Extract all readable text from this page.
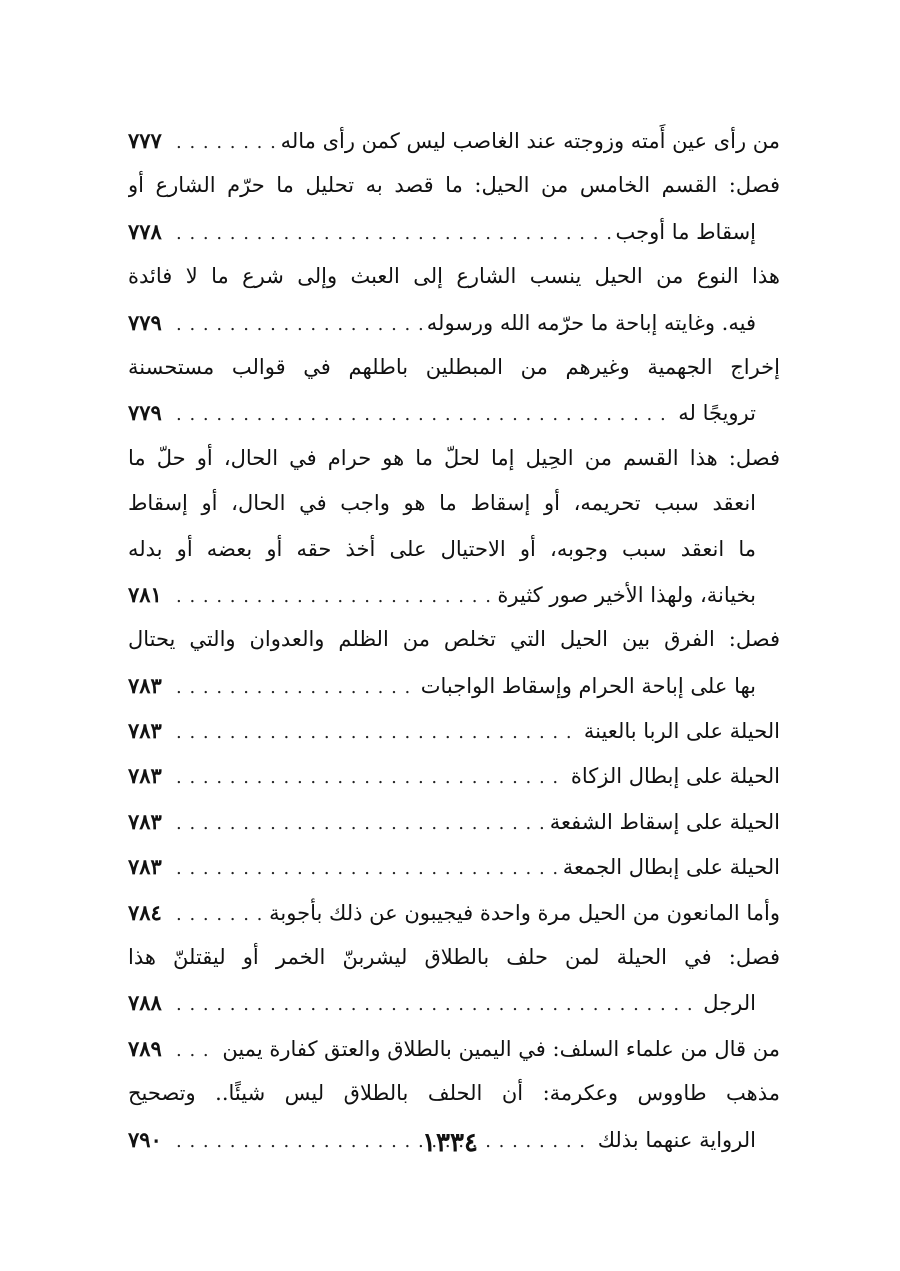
من رأى عين أَمته وزوجته عند الغاصب ليس كمن رأى ماله
. . .
٧٧٧
فصل: القسم الخامس من الحيل: ما قصد به تحليل ما حرّم الشارع أو
إسقاط ما أوجب
. . .
٧٧٨
هذا النوع من الحيل ينسب الشارع إلى العبث وإلى شرع ما لا فائدة
فيه. وغايته إباحة ما حرّمه الله ورسوله
. . .
٧٧٩
إخراج الجهمية وغيرهم من المبطلين باطلهم في قوالب مستحسنة
ترويجًا له
. . .
٧٧٩
فصل: هذا القسم من الحِيل إما لحلّ ما هو حرام في الحال، أو حلّ ما
انعقد سبب تحريمه، أو إسقاط ما هو واجب في الحال، أو إسقاط
ما انعقد سبب وجوبه، أو الاحتيال على أخذ حقه أو بعضه أو بدله
بخيانة، ولهذا الأخير صور كثيرة
. . .
٧٨١
فصل: الفرق بين الحيل التي تخلص من الظلم والعدوان والتي يحتال
بها على إباحة الحرام وإسقاط الواجبات
. . .
٧٨٣
الحيلة على الربا بالعينة
. . .
٧٨٣
الحيلة على إبطال الزكاة
. . .
٧٨٣
الحيلة على إسقاط الشفعة
. . .
٧٨٣
الحيلة على إبطال الجمعة
. . .
٧٨٣
وأما المانعون من الحيل مرة واحدة فيجيبون عن ذلك بأجوبة
. . .
٧٨٤
فصل: في الحيلة لمن حلف بالطلاق ليشربنّ الخمر أو ليقتلنّ هذا
الرجل
. . .
٧٨٨
من قال من علماء السلف: في اليمين بالطلاق والعتق كفارة يمين
. . .
٧٨٩
مذهب طاووس وعكرمة: أن الحلف بالطلاق ليس شيئًا.. وتصحيح
الرواية عنهما بذلك
. . .
٧٩٠	١٣٣٤
